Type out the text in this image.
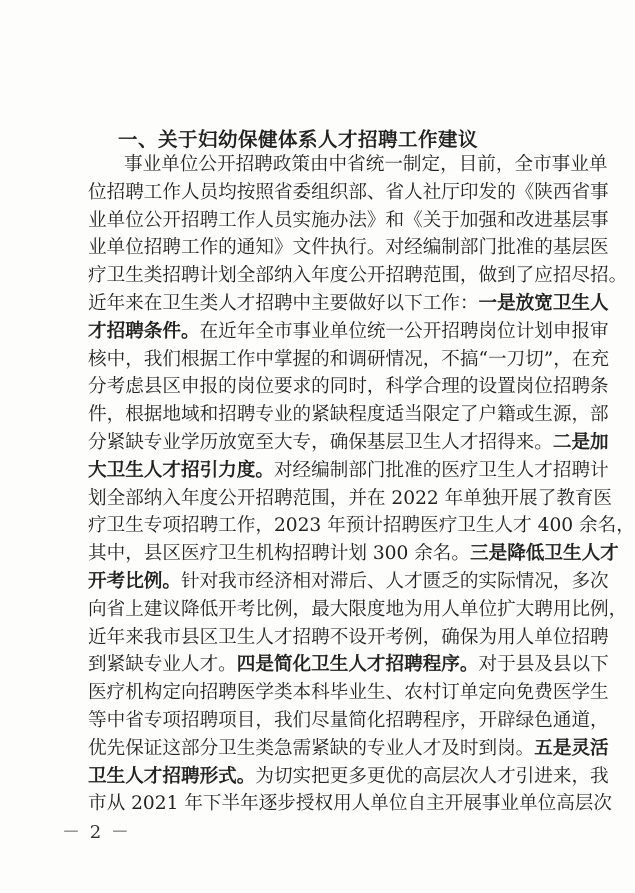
一、关于妇幼保健体系人才招聘工作建议
事业单位公开招聘政策由中省统一制定，目前，全市事业单
位招聘工作人员均按照省委组织部、省人社厅印发的《陕西省事
业单位公开招聘工作人员实施办法》和《关于加强和改进基层事
业单位招聘工作的通知》文件执行。对经编制部门批准的基层医
疗卫生类招聘计划全部纳入年度公开招聘范围，做到了应招尽招。
近年来在卫生类人才招聘中主要做好以下工作：一是放宽卫生人
才招聘条件。在近年全市事业单位统一公开招聘岗位计划申报审
核中，我们根据工作中掌握的和调研情况，不搞“一刀切”，在充
分考虑县区申报的岗位要求的同时，科学合理的设置岗位招聘条
件，根据地域和招聘专业的紧缺程度适当限定了户籍或生源，部
分紧缺专业学历放宽至大专，确保基层卫生人才招得来。二是加
大卫生人才招引力度。对经编制部门批准的医疗卫生人才招聘计
划全部纳入年度公开招聘范围，并在 2022 年单独开展了教育医
疗卫生专项招聘工作，2023 年预计招聘医疗卫生人才 400 余名，
其中，县区医疗卫生机构招聘计划 300 余名。三是降低卫生人才
开考比例。针对我市经济相对滞后、人才匮乏的实际情况，多次
向省上建议降低开考比例，最大限度地为用人单位扩大聘用比例，
近年来我市县区卫生人才招聘不设开考例，确保为用人单位招聘
到紧缺专业人才。四是简化卫生人才招聘程序。对于县及县以下
医疗机构定向招聘医学类本科毕业生、农村订单定向免费医学生
等中省专项招聘项目，我们尽量简化招聘程序，开辟绿色通道，
优先保证这部分卫生类急需紧缺的专业人才及时到岗。五是灵活
卫生人才招聘形式。为切实把更多更优的高层次人才引进来，我
市从 2021 年下半年逐步授权用人单位自主开展事业单位高层次
－ 2 －
